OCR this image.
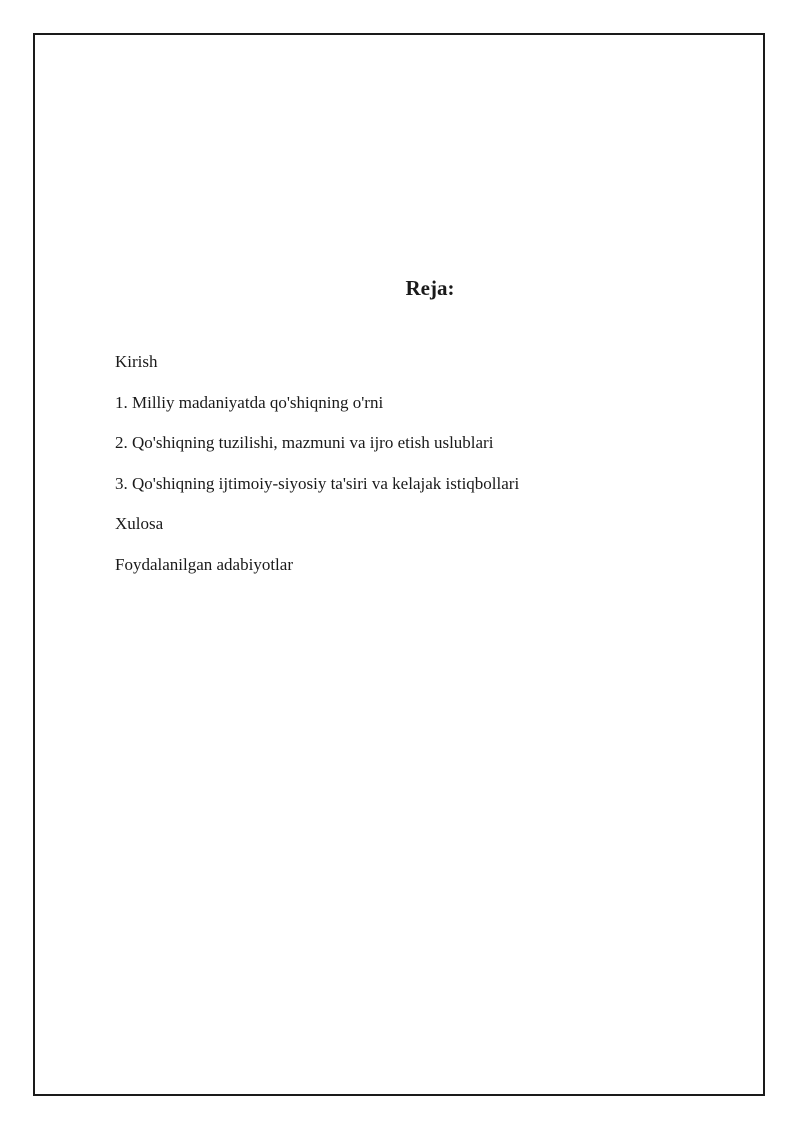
Reja:
Kirish
1. Milliy madaniyatda qo'shiqning o'rni
2. Qo'shiqning tuzilishi, mazmuni va ijro etish uslublari
3. Qo'shiqning ijtimoiy-siyosiy ta'siri va kelajak istiqbollari
Xulosa
Foydalanilgan adabiyotlar
